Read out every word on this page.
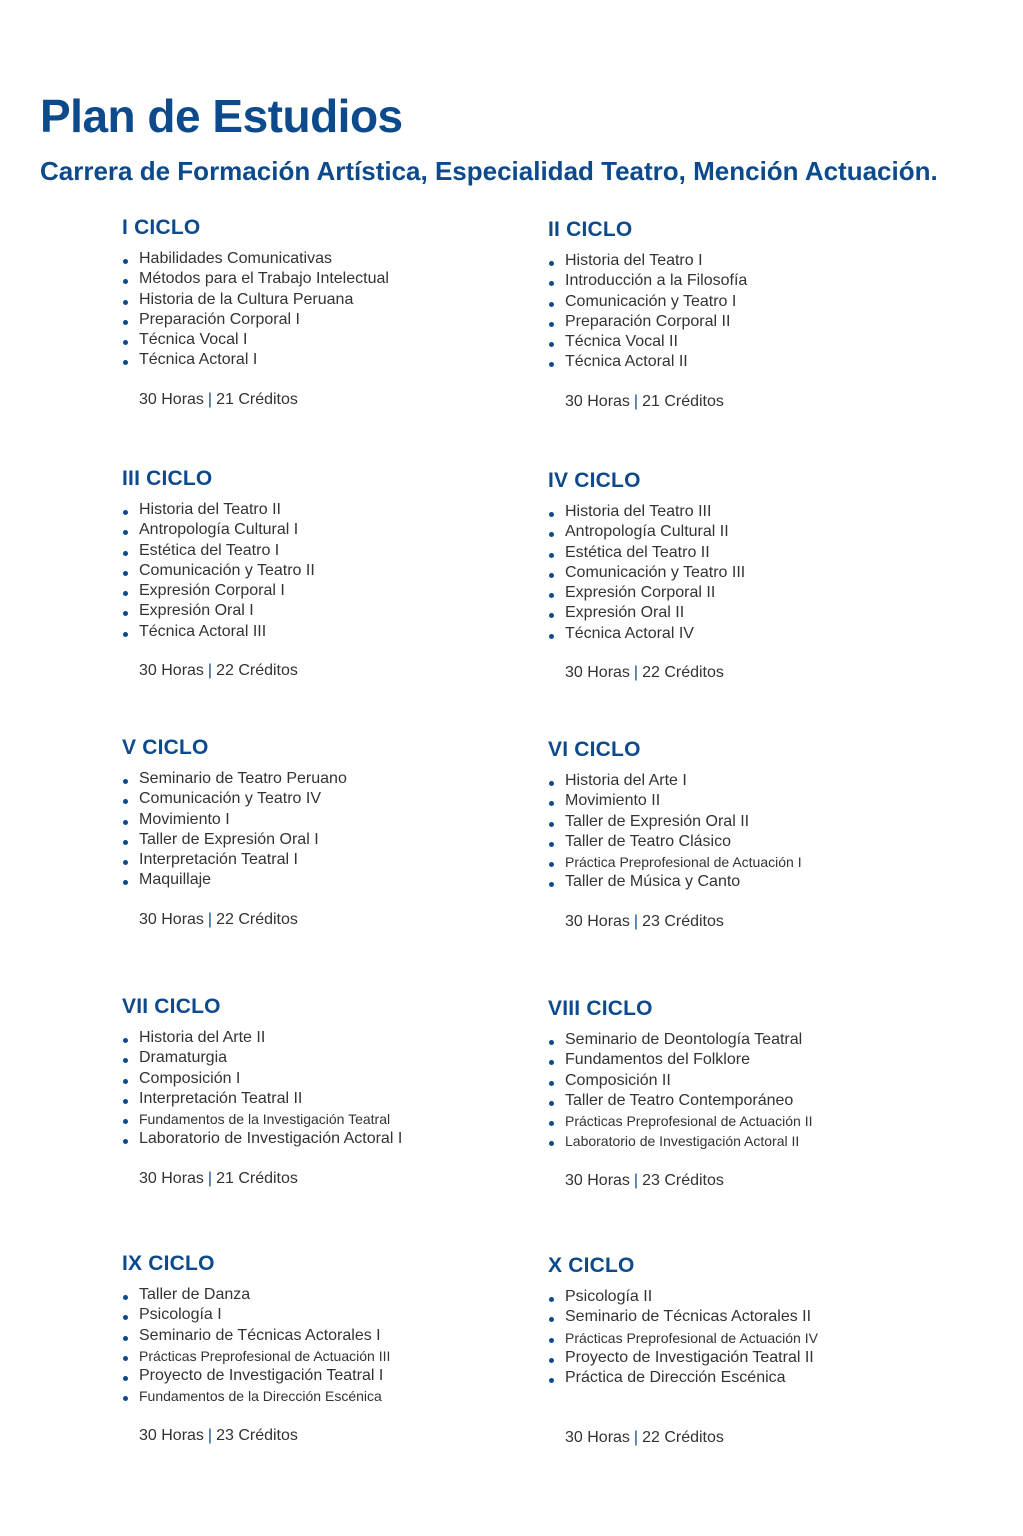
Plan de Estudios
Carrera de Formación Artística, Especialidad Teatro, Mención Actuación.
I CICLO
Habilidades Comunicativas
Métodos para el Trabajo Intelectual
Historia de la Cultura Peruana
Preparación Corporal I
Técnica Vocal I
Técnica Actoral I
30 Horas | 21 Créditos
II CICLO
Historia del Teatro I
Introducción a la Filosofía
Comunicación y Teatro I
Preparación Corporal II
Técnica Vocal II
Técnica Actoral II
30 Horas | 21 Créditos
III CICLO
Historia del Teatro II
Antropología Cultural I
Estética del Teatro I
Comunicación y Teatro II
Expresión Corporal I
Expresión Oral I
Técnica Actoral III
30 Horas | 22 Créditos
IV CICLO
Historia del Teatro III
Antropología Cultural II
Estética del Teatro II
Comunicación y Teatro III
Expresión Corporal II
Expresión Oral II
Técnica Actoral IV
30 Horas | 22 Créditos
V CICLO
Seminario de Teatro Peruano
Comunicación y Teatro IV
Movimiento I
Taller de Expresión Oral I
Interpretación Teatral I
Maquillaje
30 Horas | 22 Créditos
VI CICLO
Historia del Arte I
Movimiento II
Taller de Expresión Oral II
Taller de Teatro Clásico
Práctica Preprofesional de Actuación I
Taller de Música y Canto
30 Horas | 23 Créditos
VII CICLO
Historia del Arte II
Dramaturgia
Composición I
Interpretación Teatral II
Fundamentos de la Investigación Teatral
Laboratorio de Investigación Actoral I
30 Horas | 21 Créditos
VIII CICLO
Seminario de Deontología Teatral
Fundamentos del Folklore
Composición II
Taller de Teatro Contemporáneo
Prácticas Preprofesional de Actuación II
Laboratorio de Investigación Actoral II
30 Horas | 23 Créditos
IX CICLO
Taller de Danza
Psicología I
Seminario de Técnicas Actorales I
Prácticas Preprofesional de Actuación III
Proyecto de Investigación Teatral I
Fundamentos de la Dirección Escénica
30 Horas | 23 Créditos
X CICLO
Psicología II
Seminario de Técnicas Actorales II
Prácticas Preprofesional de Actuación IV
Proyecto de Investigación Teatral II
Práctica de Dirección Escénica
30 Horas | 22 Créditos
